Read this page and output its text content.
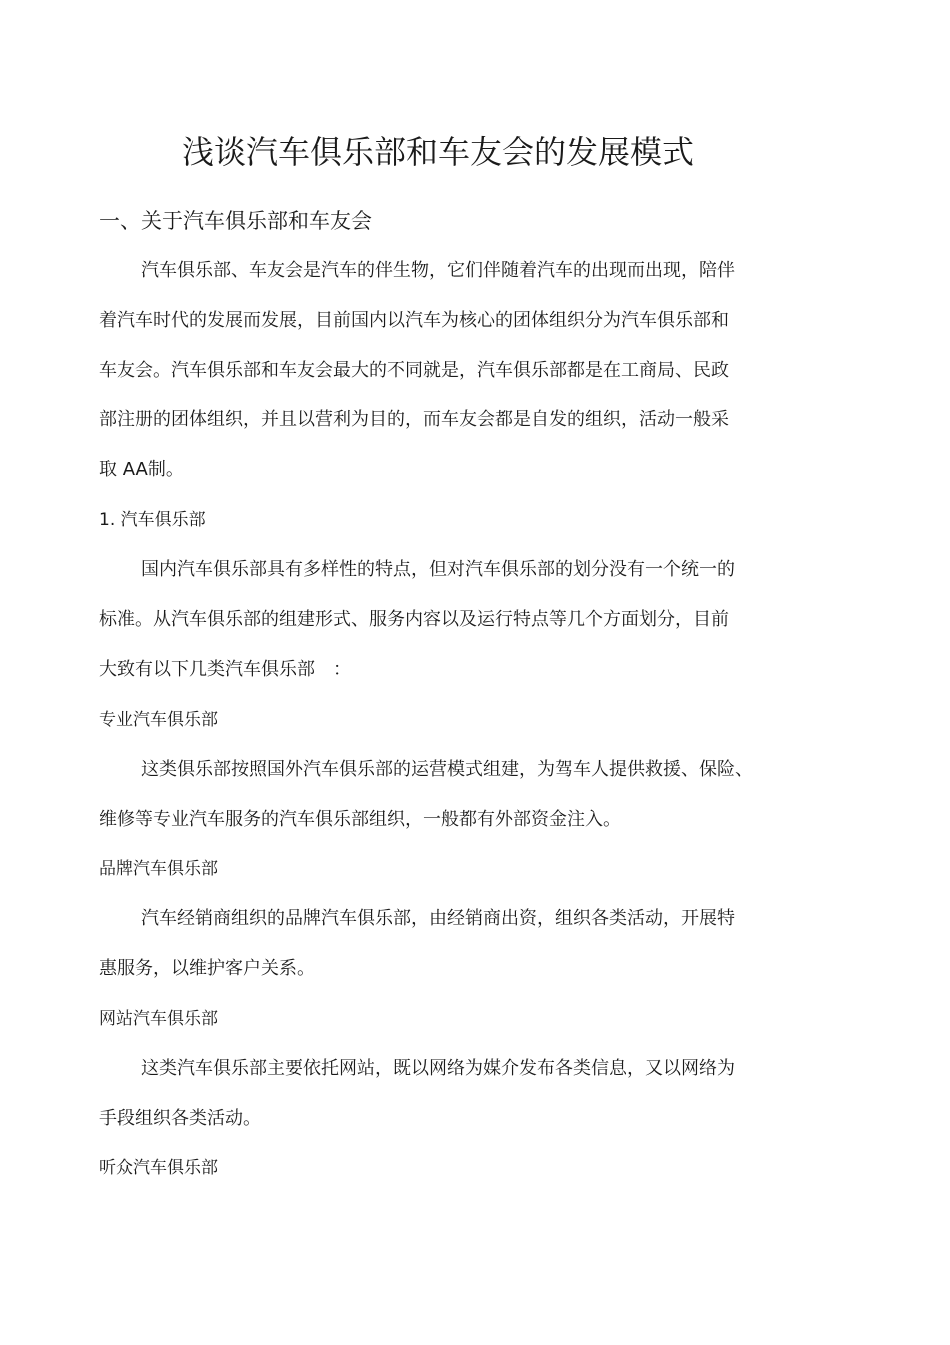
浅谈汽车俱乐部和车友会的发展模式
一、关于汽车俱乐部和车友会

汽车俱乐部、车友会是汽车的伴生物，它们伴随着汽车的出现而出现，陪伴

着汽车时代的发展而发展，目前国内以汽车为核心的团体组织分为汽车俱乐部和

车友会。汽车俱乐部和车友会最大的不同就是，汽车俱乐部都是在工商局、民政

部注册的团体组织，并且以营利为目的，而车友会都是自发的组织，活动一般采

取 AA制。

1. 汽车俱乐部

国内汽车俱乐部具有多样性的特点，但对汽车俱乐部的划分没有一个统一的

标准。从汽车俱乐部的组建形式、服务内容以及运行特点等几个方面划分，目前

大致有以下几类汽车俱乐部　：

专业汽车俱乐部

这类俱乐部按照国外汽车俱乐部的运营模式组建，为驾车人提供救援、保险、

维修等专业汽车服务的汽车俱乐部组织，一般都有外部资金注入。

品牌汽车俱乐部

汽车经销商组织的品牌汽车俱乐部，由经销商出资，组织各类活动，开展特

惠服务，以维护客户关系。

网站汽车俱乐部

这类汽车俱乐部主要依托网站，既以网络为媒介发布各类信息，又以网络为

手段组织各类活动。

听众汽车俱乐部
